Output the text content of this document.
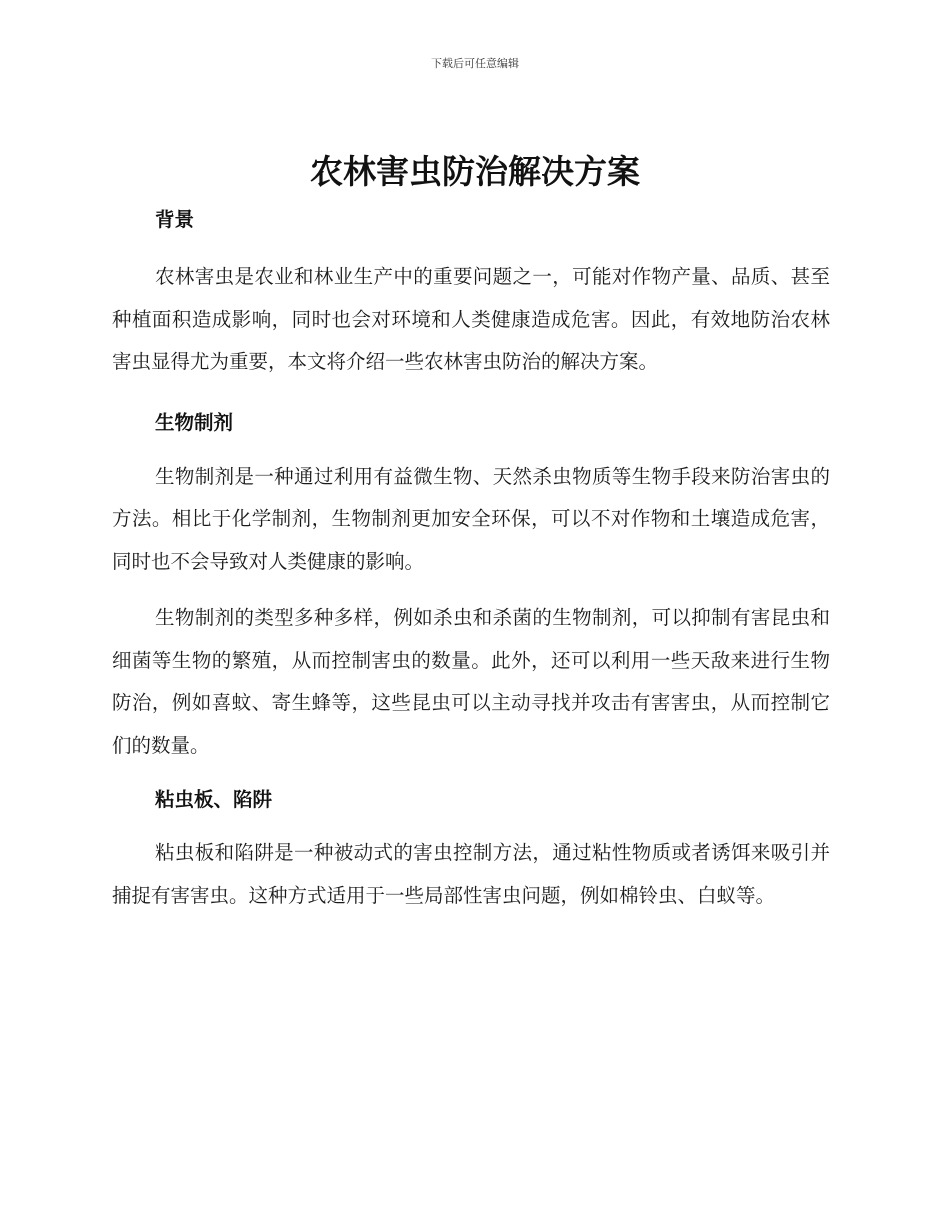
下载后可任意编辑
农林害虫防治解决方案
背景

农林害虫是农业和林业生产中的重要问题之一，可能对作物产量、品质、甚至种植面积造成影响，同时也会对环境和人类健康造成危害。因此，有效地防治农林害虫显得尤为重要，本文将介绍一些农林害虫防治的解决方案。

生物制剂

生物制剂是一种通过利用有益微生物、天然杀虫物质等生物手段来防治害虫的方法。相比于化学制剂，生物制剂更加安全环保，可以不对作物和土壤造成危害，同时也不会导致对人类健康的影响。

生物制剂的类型多种多样，例如杀虫和杀菌的生物制剂，可以抑制有害昆虫和细菌等生物的繁殖，从而控制害虫的数量。此外，还可以利用一些天敌来进行生物防治，例如喜蚊、寄生蜂等，这些昆虫可以主动寻找并攻击有害害虫，从而控制它们的数量。

粘虫板、陷阱

粘虫板和陷阱是一种被动式的害虫控制方法，通过粘性物质或者诱饵来吸引并捕捉有害害虫。这种方式适用于一些局部性害虫问题，例如棉铃虫、白蚁等。
